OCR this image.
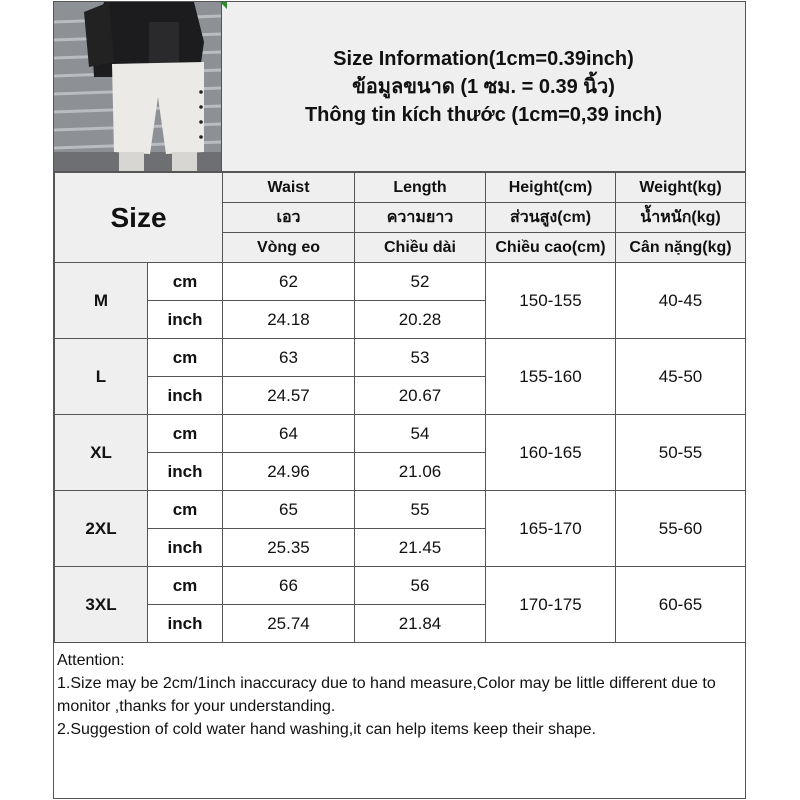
Size Information(1cm=0.39inch)
ข้อมูลขนาด (1 ซม. = 0.39 นิ้ว)
Thông tin kích thước (1cm=0,39 inch)
Size		Waist	Length	Height(cm)	Weight(kg)
		เอว	ความยาว	ส่วนสูง(cm)	น้ำหนัก(kg)
		Vòng eo	Chiều dài	Chiều cao(cm)	Cân nặng(kg)
M	cm	62	52	150-155	40-45
	inch	24.18	20.28		
L	cm	63	53	155-160	45-50
	inch	24.57	20.67		
XL	cm	64	54	160-165	50-55
	inch	24.96	21.06		
2XL	cm	65	55	165-170	55-60
	inch	25.35	21.45		
3XL	cm	66	56	170-175	60-65
	inch	25.74	21.84		
Attention:
1.Size may be 2cm/1inch inaccuracy due to hand measure,Color may be little different due to monitor ,thanks for your understanding.
2.Suggestion of cold water hand washing,it can help items keep their shape.
